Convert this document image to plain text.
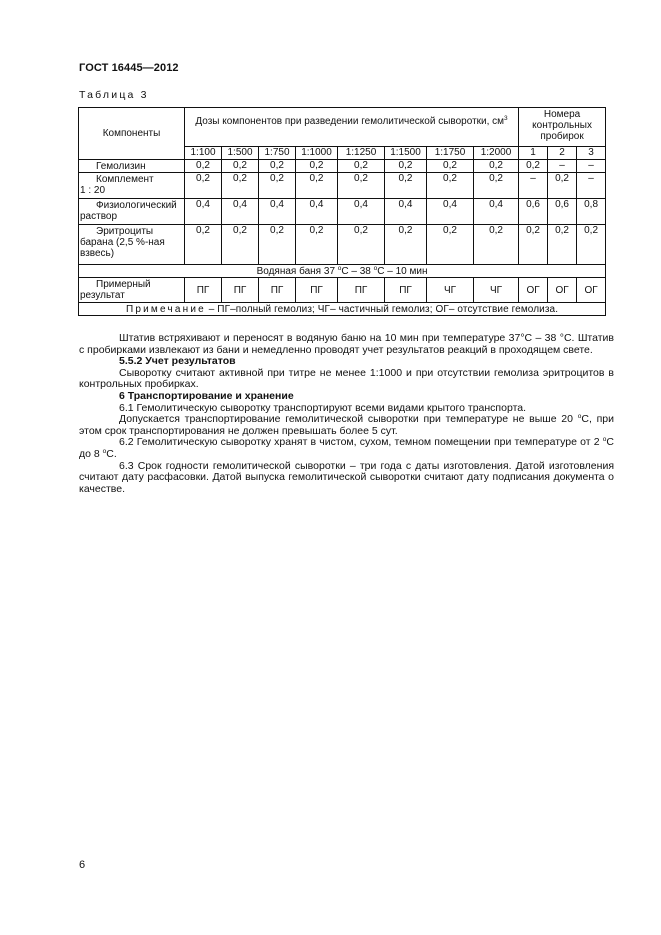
ГОСТ 16445—2012
Таблица 3
Компоненты	Дозы компонентов при разведении гемолитической сыворотки, $см^3$								Номера контрольных пробирок		
	1:100	1:500	1:750	1:1000	1:1250	1:1500	1:1750	1:2000	1	2	3
Гемолизин	0,2	0,2	0,2	0,2	0,2	0,2	0,2	0,2	0,2	–	–
Комплемент
1 : 20	0,2	0,2	0,2	0,2	0,2	0,2	0,2	0,2	–	0,2	–
Физиологический
раствор	0,4	0,4	0,4	0,4	0,4	0,4	0,4	0,4	0,6	0,6	0,8
Эритроциты
барана (2,5 %-ная взвесь)	0,2	0,2	0,2	0,2	0,2	0,2	0,2	0,2	0,2	0,2	0,2
Водяная баня 37 $^о$С – 38 $^о$С – 10 мин											
Примерный
результат	ПГ	ПГ	ПГ	ПГ	ПГ	ПГ	ЧГ	ЧГ	ОГ	ОГ	ОГ
Примечание – ПГ–полный гемолиз; ЧГ– частичный гемолиз; ОГ– отсутствие гемолиза.											

Штатив встряхивают и переносят в водяную баню на 10 мин при температуре 37°С – 38 °С. Штатив с пробирками извлекают из бани и немедленно проводят учет результатов реакций в проходящем свете.

5.5.2 Учет результатов

Сыворотку считают активной при титре не менее 1:1000 и при отсутствии гемолиза эритроцитов в контрольных пробирках.

6 Транспортирование и хранение

6.1 Гемолитическую сыворотку транспортируют всеми видами крытого транспорта.

Допускается транспортирование гемолитической сыворотки при температуре не выше 20 $^о$С, при этом срок транспортирования не должен превышать более 5 сут.

6.2 Гемолитическую сыворотку хранят в чистом, сухом, темном помещении при температуре от 2 $^о$С до 8 $^о$С.

6.3 Срок годности гемолитической сыворотки – три года с даты изготовления. Датой изготовления считают дату расфасовки. Датой выпуска гемолитической сыворотки считают дату подписания документа о качестве.

6
